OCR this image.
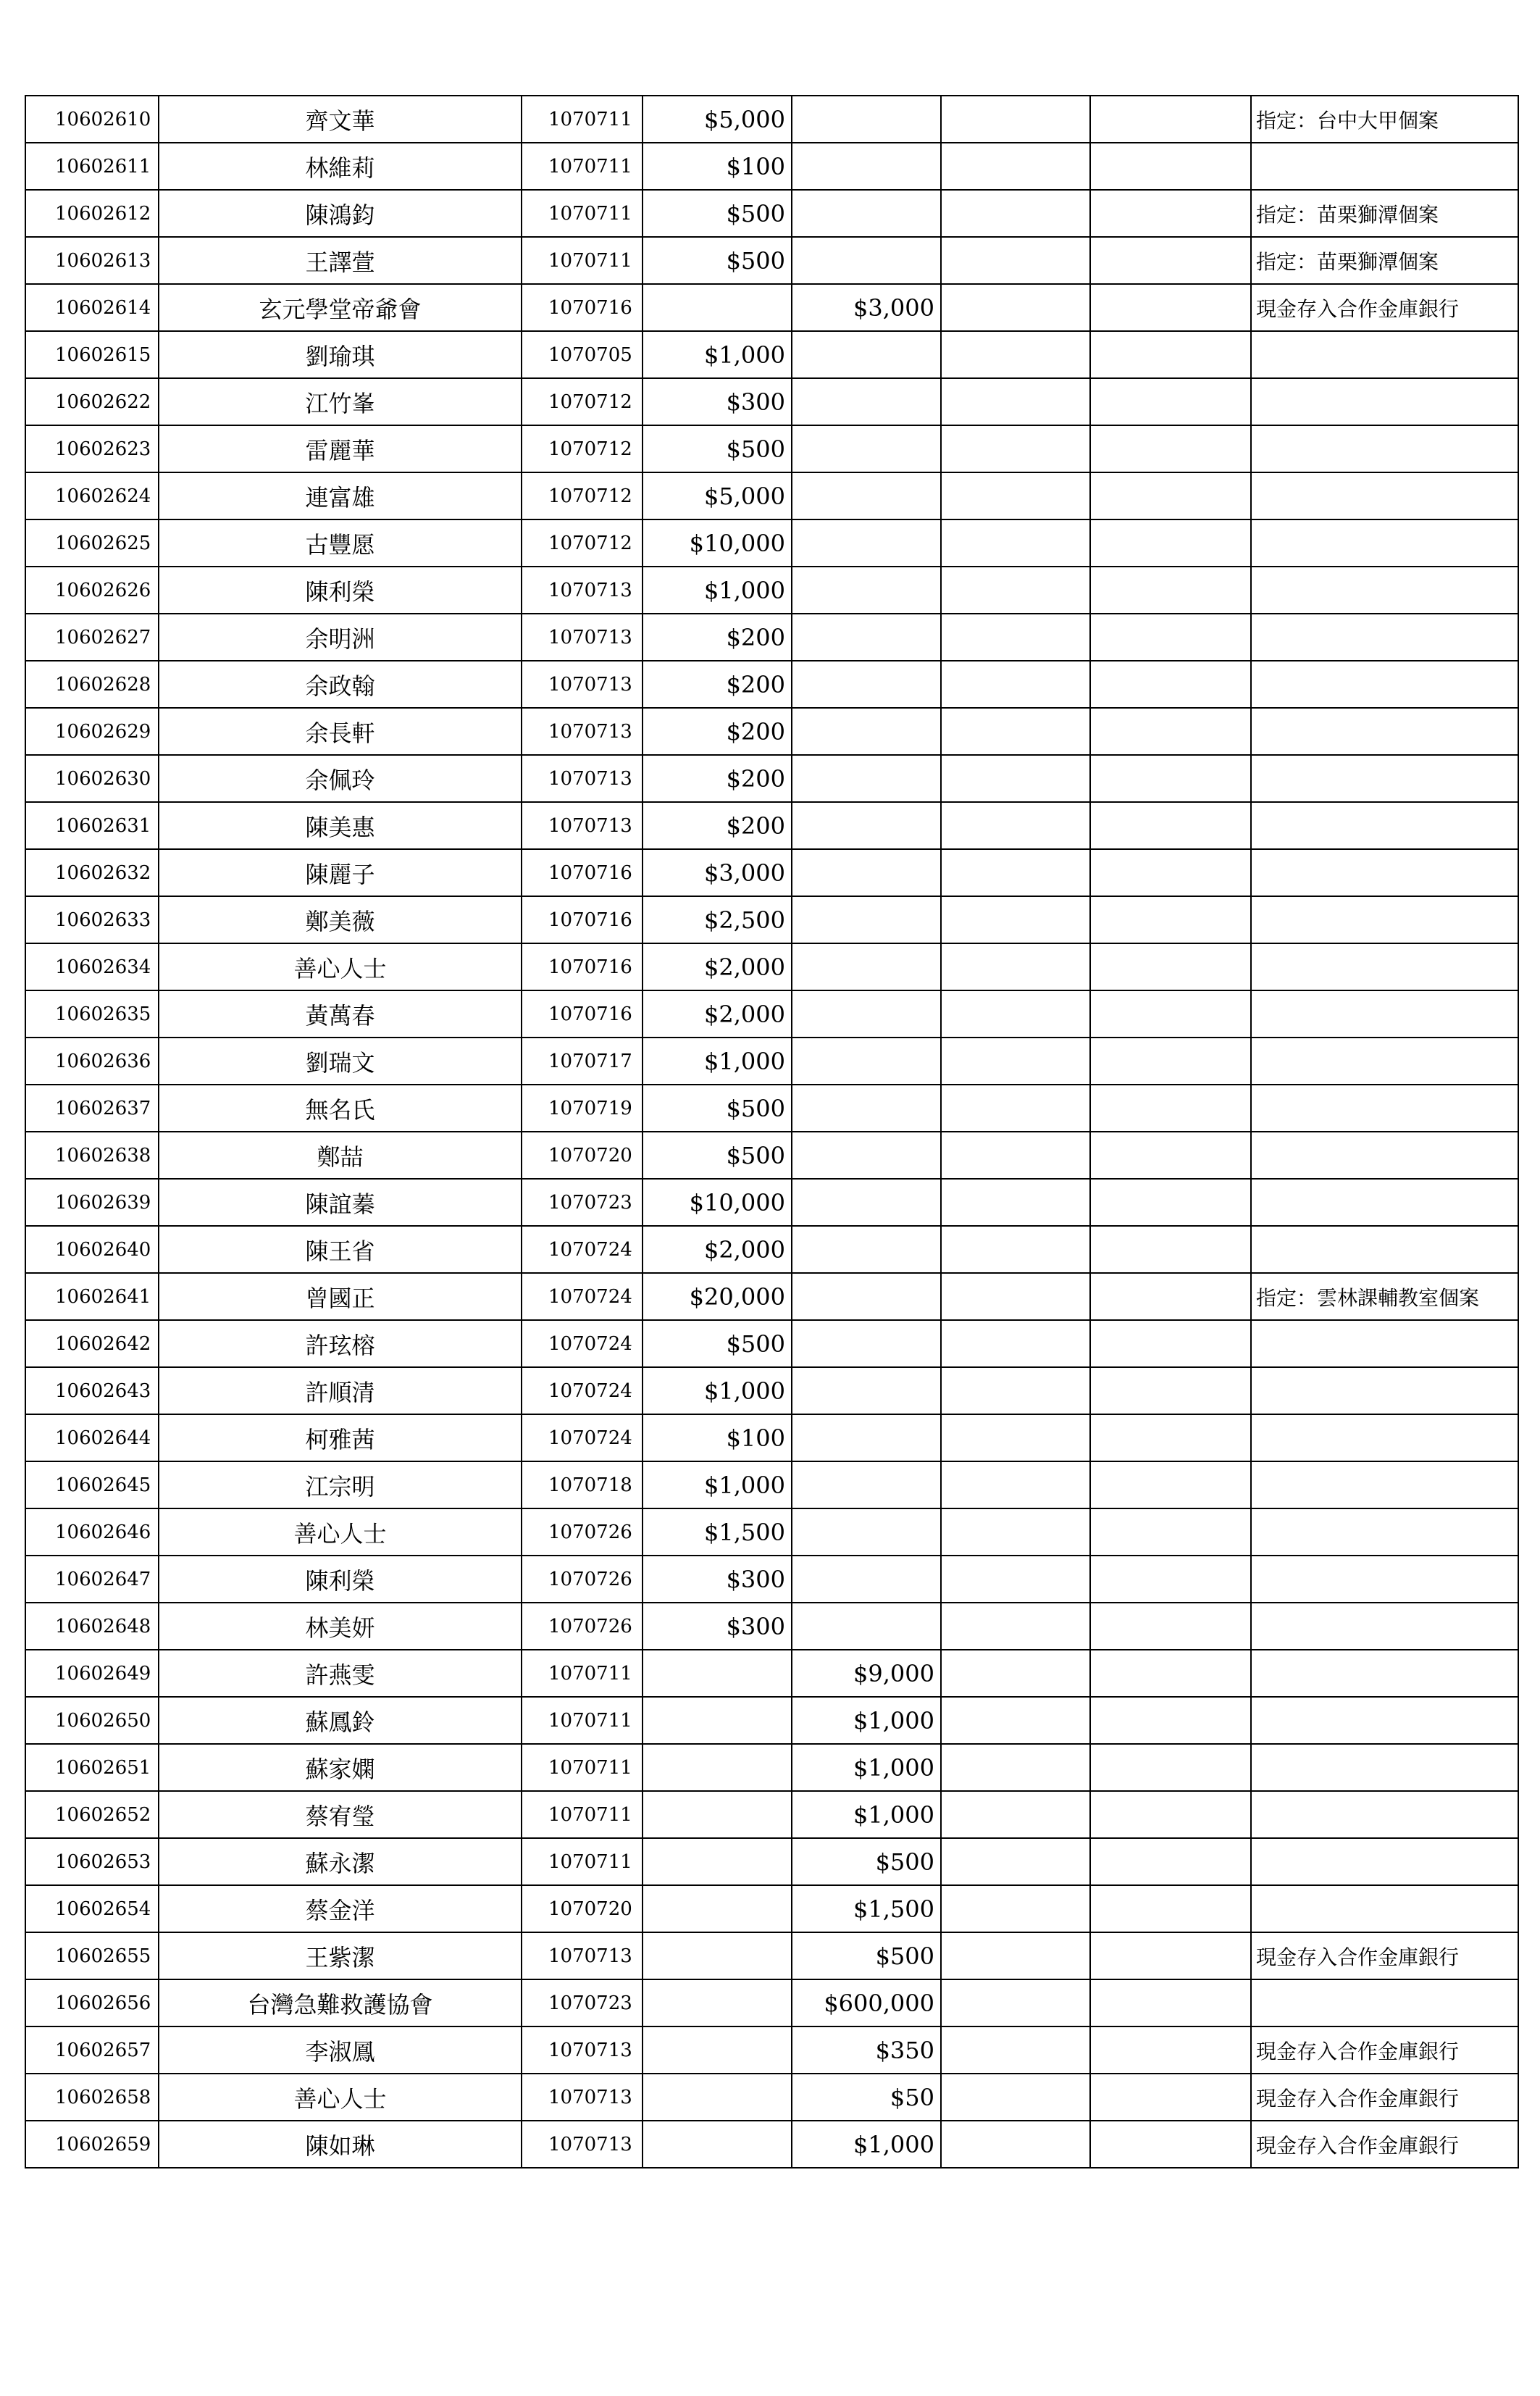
10602610	齊文華	1070711	$5,000				指定：台中大甲個案
10602611	林維莉	1070711	$100				
10602612	陳鴻鈞	1070711	$500				指定：苗栗獅潭個案
10602613	王譯萱	1070711	$500				指定：苗栗獅潭個案
10602614	玄元學堂帝爺會	1070716		$3,000			現金存入合作金庫銀行
10602615	劉瑜琪	1070705	$1,000				
10602622	江竹峯	1070712	$300				
10602623	雷麗華	1070712	$500				
10602624	連富雄	1070712	$5,000				
10602625	古豐愿	1070712	$10,000				
10602626	陳利榮	1070713	$1,000				
10602627	余明洲	1070713	$200				
10602628	余政翰	1070713	$200				
10602629	余長軒	1070713	$200				
10602630	余佩玲	1070713	$200				
10602631	陳美惠	1070713	$200				
10602632	陳麗子	1070716	$3,000				
10602633	鄭美薇	1070716	$2,500				
10602634	善心人士	1070716	$2,000				
10602635	黃萬春	1070716	$2,000				
10602636	劉瑞文	1070717	$1,000				
10602637	無名氏	1070719	$500				
10602638	鄭喆	1070720	$500				
10602639	陳誼蓁	1070723	$10,000				
10602640	陳王省	1070724	$2,000				
10602641	曾國正	1070724	$20,000				指定：雲林課輔教室個案
10602642	許玹榕	1070724	$500				
10602643	許順清	1070724	$1,000				
10602644	柯雅茜	1070724	$100				
10602645	江宗明	1070718	$1,000				
10602646	善心人士	1070726	$1,500				
10602647	陳利榮	1070726	$300				
10602648	林美妍	1070726	$300				
10602649	許燕雯	1070711		$9,000			
10602650	蘇鳳鈴	1070711		$1,000			
10602651	蘇家嫻	1070711		$1,000			
10602652	蔡宥瑩	1070711		$1,000			
10602653	蘇永潔	1070711		$500			
10602654	蔡金洋	1070720		$1,500			
10602655	王紫潔	1070713		$500			現金存入合作金庫銀行
10602656	台灣急難救護協會	1070723		$600,000			
10602657	李淑鳳	1070713		$350			現金存入合作金庫銀行
10602658	善心人士	1070713		$50			現金存入合作金庫銀行
10602659	陳如琳	1070713		$1,000			現金存入合作金庫銀行
